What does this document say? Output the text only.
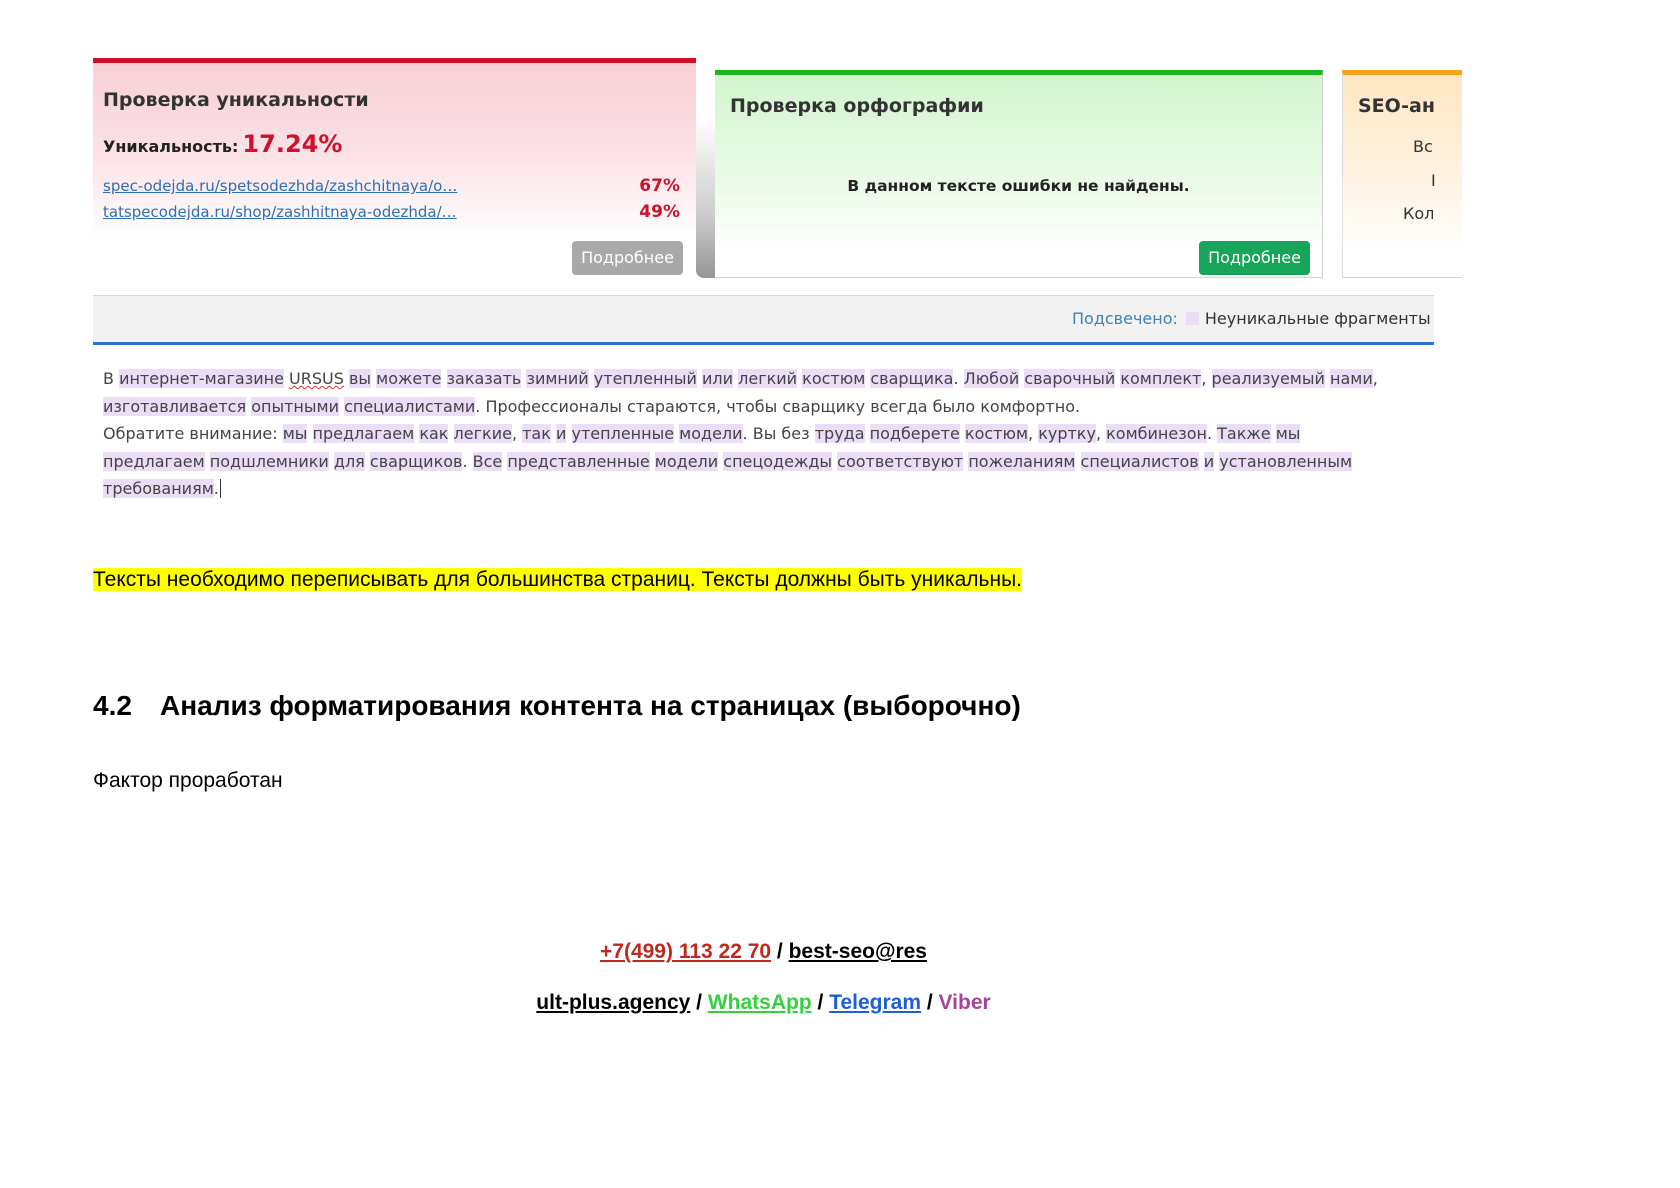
Проверка уникальности
Уникальность: 17.24%
spec-odejda.ru/spetsodezhda/zashchitnaya/o…	67%
tatspecodejda.ru/shop/zashhitnaya-odezhda/…	49%
Подробнее
Проверка орфографии
В данном тексте ошибки не найдены.
Подробнее
SEO-ан
Вс
I
Кол
Подсвечено: Неуникальные фрагменты
В интернет-магазине URSUS вы можете заказать зимний утепленный или легкий костюм сварщика. Любой сварочный комплект, реализуемый нами,
изготавливается опытными специалистами. Профессионалы стараются, чтобы сварщику всегда было комфортно.
Обратите внимание: мы предлагаем как легкие, так и утепленные модели. Вы без труда подберете костюм, куртку, комбинезон. Также мы
предлагаем подшлемники для сварщиков. Все представленные модели спецодежды соответствуют пожеланиям специалистов и установленным
требованиям.
Тексты необходимо переписывать для большинства страниц. Тексты должны быть уникальны.
4.2 Анализ форматирования контента на страницах (выборочно)
Фактор проработан
+7(499) 113 22 70 / best-seo@res
ult-plus.agency / WhatsApp / Telegram / Viber
